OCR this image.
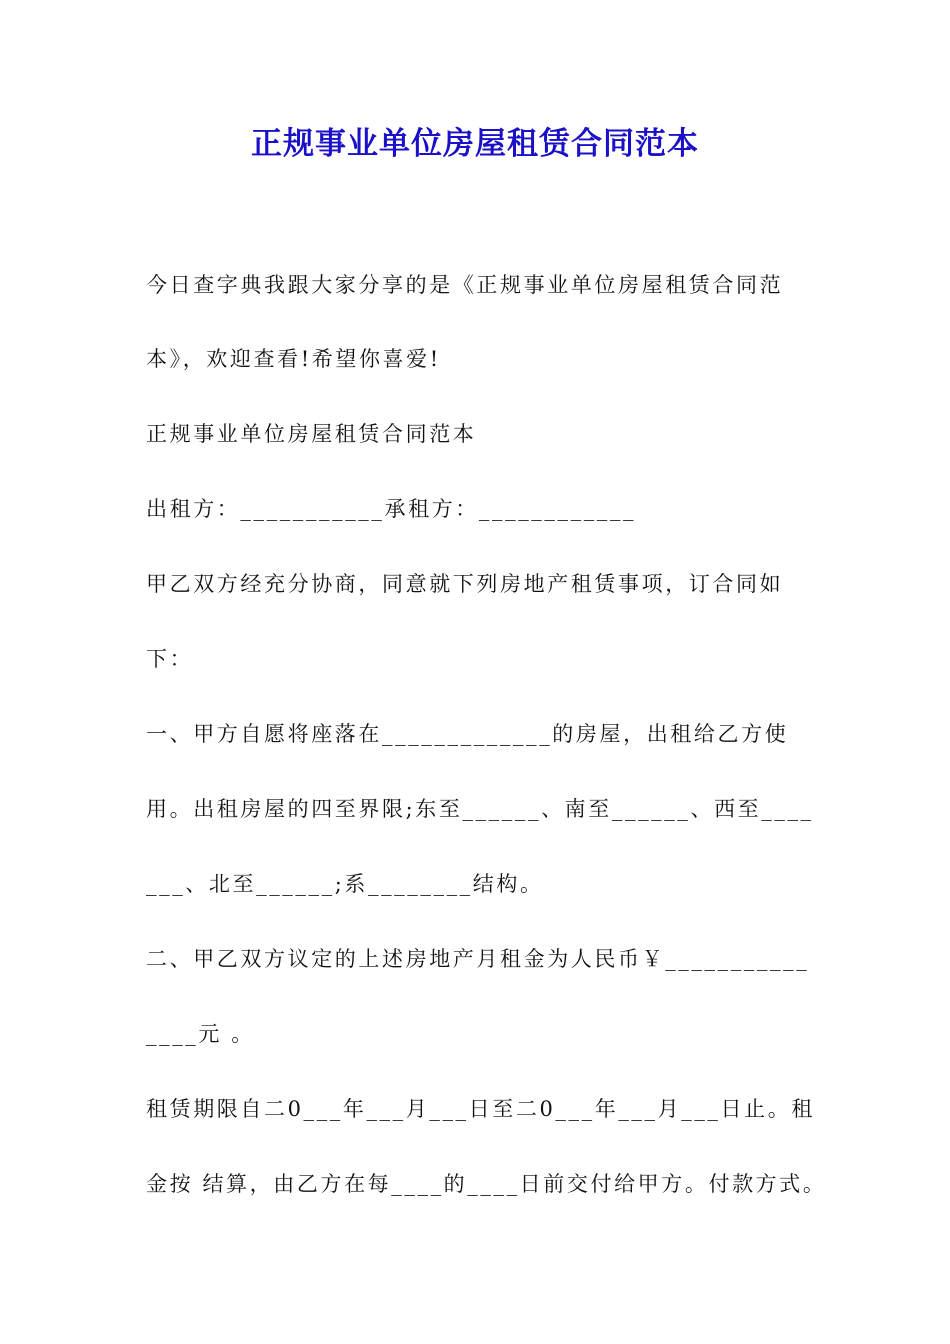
正规事业单位房屋租赁合同范本
今日查字典我跟大家分享的是《正规事业单位房屋租赁合同范
本》，欢迎查看!希望你喜爱!
正规事业单位房屋租赁合同范本
出租方：___________承租方：____________
甲乙双方经充分协商，同意就下列房地产租赁事项，订合同如
下：
一、甲方自愿将座落在_____________的房屋，出租给乙方使
用。出租房屋的四至界限;东至______、南至______、西至____
___、北至______;系________结构。
二、甲乙双方议定的上述房地产月租金为人民币￥___________
____元 。
租赁期限自二0___年___月___日至二0___年___月___日止。租
金按 结算，由乙方在每____的____日前交付给甲方。付款方式。
